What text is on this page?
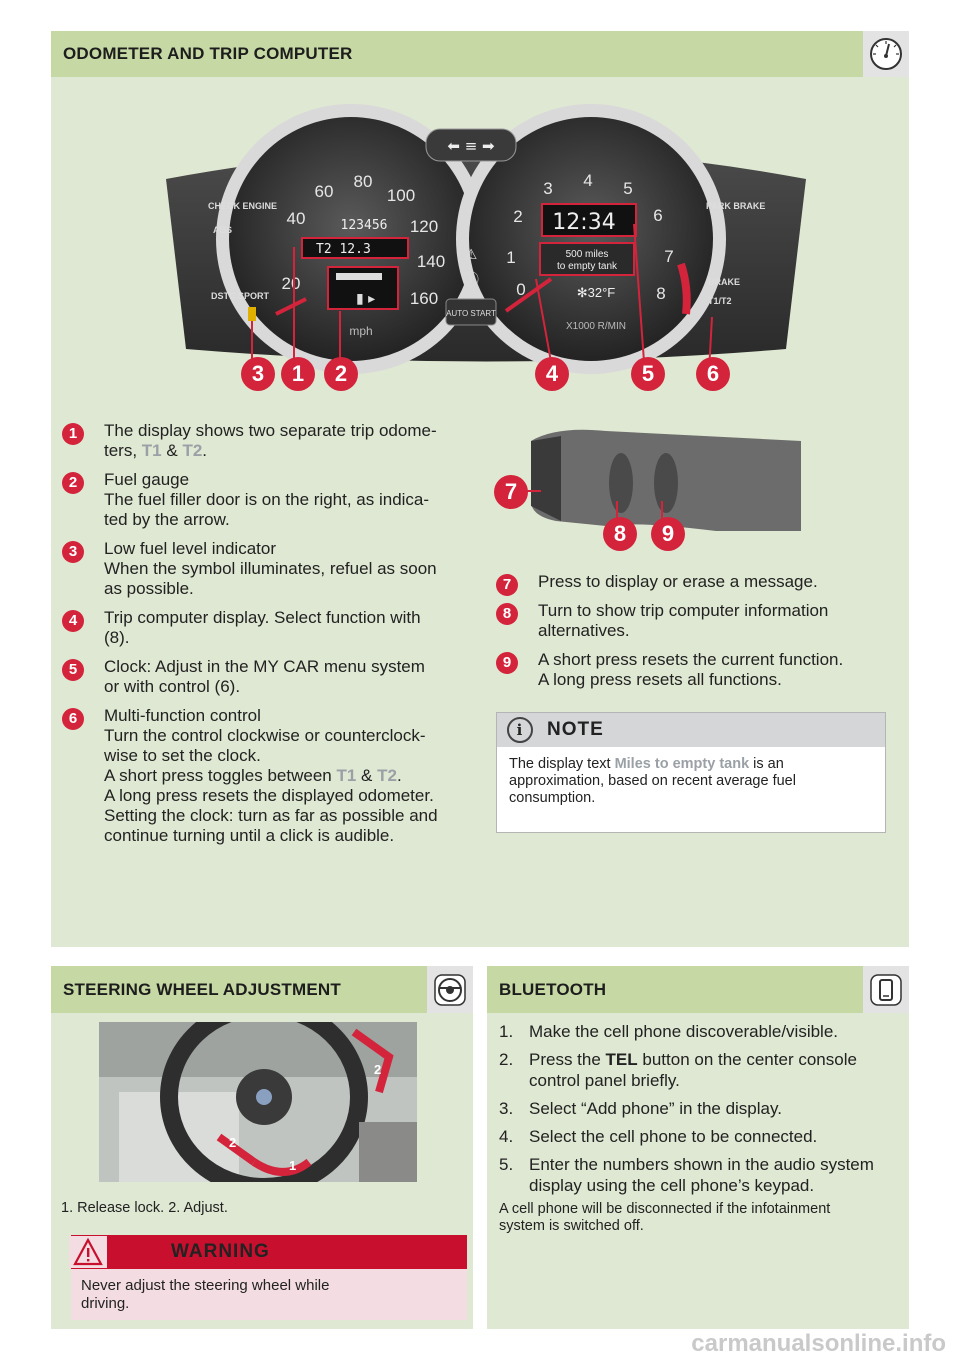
ODOMETER AND TRIP COMPUTER
⬅ ≡ ➡
20
40
60
80
100
120
140
160	0
1
2
3 4 5
6
7
8
123456
T2 12.3
▮ ▸
mph
12:34
500 miles
to empty tank
✻32°F
X1000 R/MIN
AUTO START
ⓘ
⚠
CHECK ENGINE
ABS
DSTC SPORT
PARK BRAKE
BRAKE
T1/T2
3	1	2	4	5	6
1	The display shows two separate trip odome-
ters, T1 & T2.

2	Fuel gauge
The fuel filler door is on the right, as indica-
ted by the arrow.

3	Low fuel level indicator
When the symbol illuminates, refuel as soon
as possible.

4	Trip computer display. Select function with
(8).

5	Clock: Adjust in the MY CAR menu system
or with control (6).

6	Multi-function control
Turn the control clockwise or counterclock-
wise to set the clock.
A short press toggles between T1 & T2.
A long press resets the displayed odometer.
Setting the clock: turn as far as possible and
continue turning until a click is audible.

7
8	9
7	Press to display or erase a message.

8	Turn to show trip computer information
alternatives.

9	A short press resets the current function.
A long press resets all functions.

i	NOTE
The display text Miles to empty tank is an
approximation, based on recent average fuel
consumption.
STEERING WHEEL ADJUSTMENT
1
2
2
1. Release lock. 2. Adjust.
WARNING
Never adjust the steering wheel while
driving.
BLUETOOTH
1. Make the cell phone discoverable/visible.

2. Press the TEL button on the center console
control panel briefly.

3. Select “Add phone” in the display.

4. Select the cell phone to be connected.

5. Enter the numbers shown in the audio system
display using the cell phone’s keypad.

A cell phone will be disconnected if the infotainment
system is switched off.

carmanualsonline.info
